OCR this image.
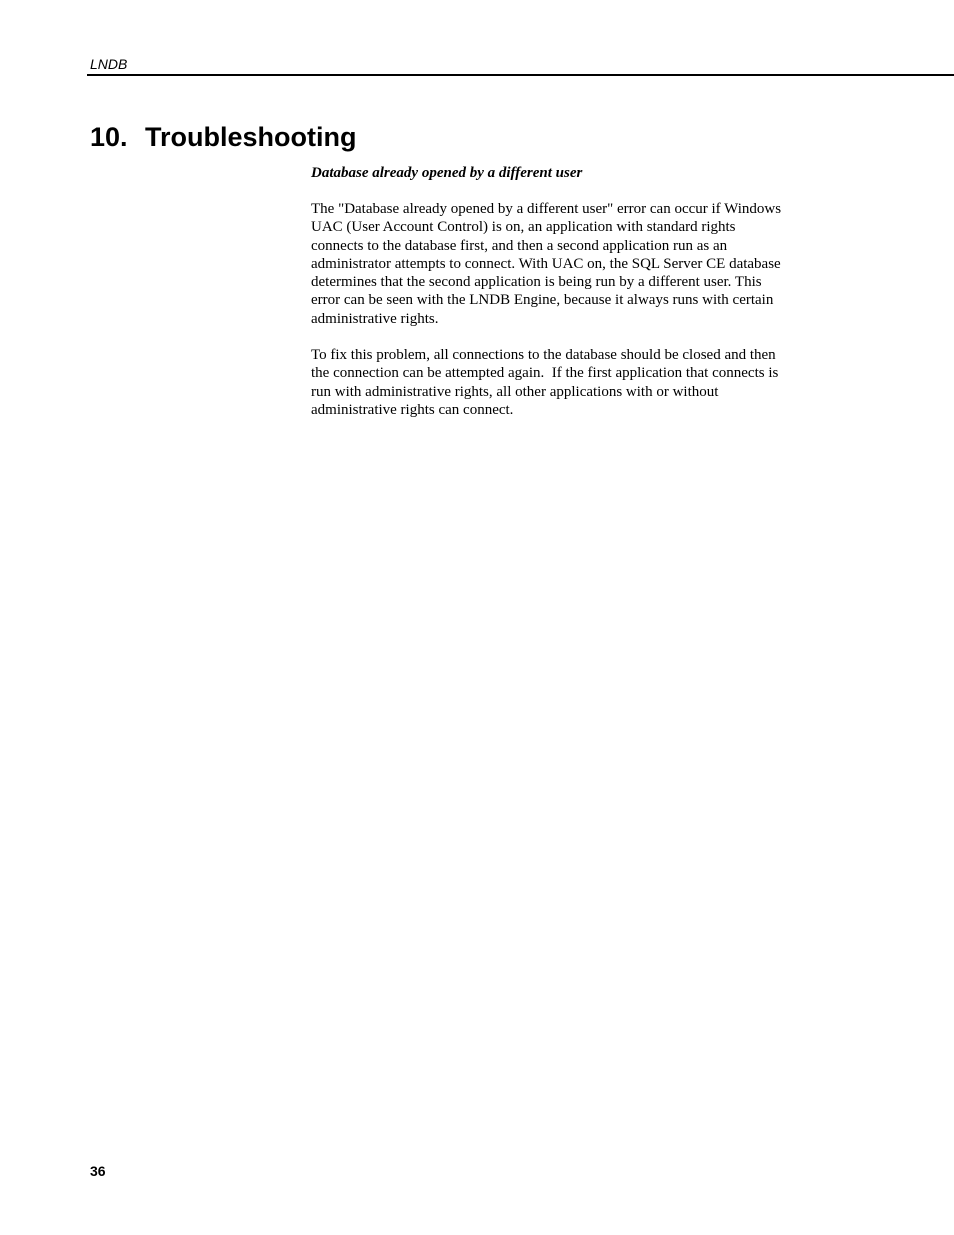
LNDB
10. Troubleshooting
Database already opened by a different user

The "Database already opened by a different user" error can occur if Windows
UAC (User Account Control) is on, an application with standard rights
connects to the database first, and then a second application run as an
administrator attempts to connect. With UAC on, the SQL Server CE database
determines that the second application is being run by a different user. This
error can be seen with the LNDB Engine, because it always runs with certain
administrative rights.

To fix this problem, all connections to the database should be closed and then
the connection can be attempted again.  If the first application that connects is
run with administrative rights, all other applications with or without
administrative rights can connect.

36
